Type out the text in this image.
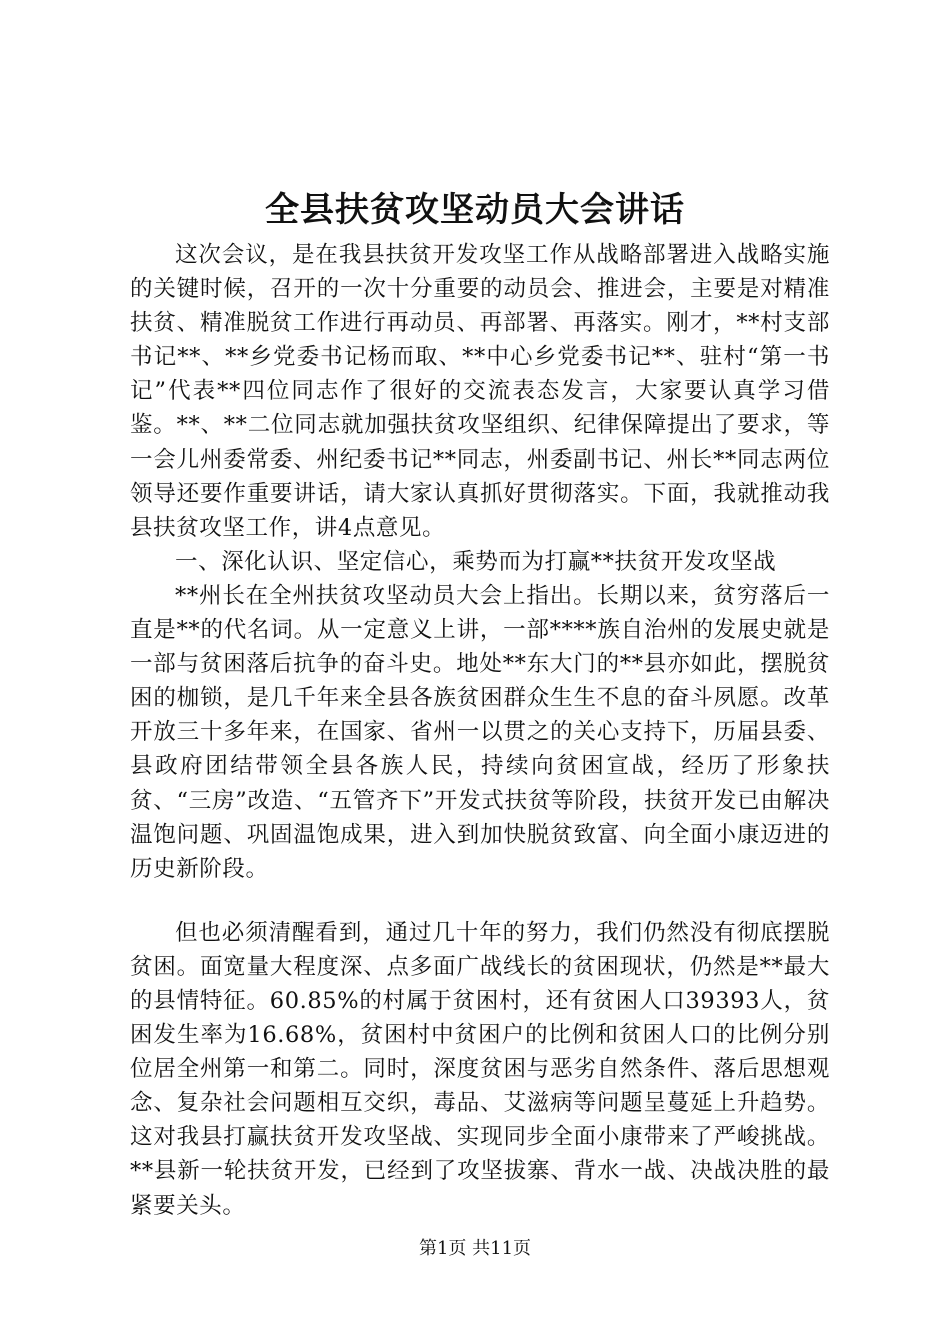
全县扶贫攻坚动员大会讲话

这次会议，是在我县扶贫开发攻坚工作从战略部署进入战略实施的关键时候，召开的一次十分重要的动员会、推进会，主要是对精准扶贫、精准脱贫工作进行再动员、再部署、再落实。刚才，**村支部书记**、**乡党委书记杨而取、**中心乡党委书记**、驻村“第一书记”代表**四位同志作了很好的交流表态发言，大家要认真学习借鉴。**、**二位同志就加强扶贫攻坚组织、纪律保障提出了要求，等一会儿州委常委、州纪委书记**同志，州委副书记、州长**同志两位领导还要作重要讲话，请大家认真抓好贯彻落实。下面，我就推动我县扶贫攻坚工作，讲4点意见。

一、深化认识、坚定信心，乘势而为打赢**扶贫开发攻坚战

**州长在全州扶贫攻坚动员大会上指出。长期以来，贫穷落后一直是**的代名词。从一定意义上讲，一部****族自治州的发展史就是一部与贫困落后抗争的奋斗史。地处**东大门的**县亦如此，摆脱贫困的枷锁，是几千年来全县各族贫困群众生生不息的奋斗夙愿。改革开放三十多年来，在国家、省州一以贯之的关心支持下，历届县委、县政府团结带领全县各族人民，持续向贫困宣战，经历了形象扶贫、“三房”改造、“五管齐下”开发式扶贫等阶段，扶贫开发已由解决温饱问题、巩固温饱成果，进入到加快脱贫致富、向全面小康迈进的历史新阶段。

但也必须清醒看到，通过几十年的努力，我们仍然没有彻底摆脱贫困。面宽量大程度深、点多面广战线长的贫困现状，仍然是**最大的县情特征。60.85%的村属于贫困村，还有贫困人口39393人，贫困发生率为16.68%，贫困村中贫困户的比例和贫困人口的比例分别位居全州第一和第二。同时，深度贫困与恶劣自然条件、落后思想观念、复杂社会问题相互交织，毒品、艾滋病等问题呈蔓延上升趋势。这对我县打赢扶贫开发攻坚战、实现同步全面小康带来了严峻挑战。**县新一轮扶贫开发，已经到了攻坚拔寨、背水一战、决战决胜的最紧要关头。

第1页 共11页
